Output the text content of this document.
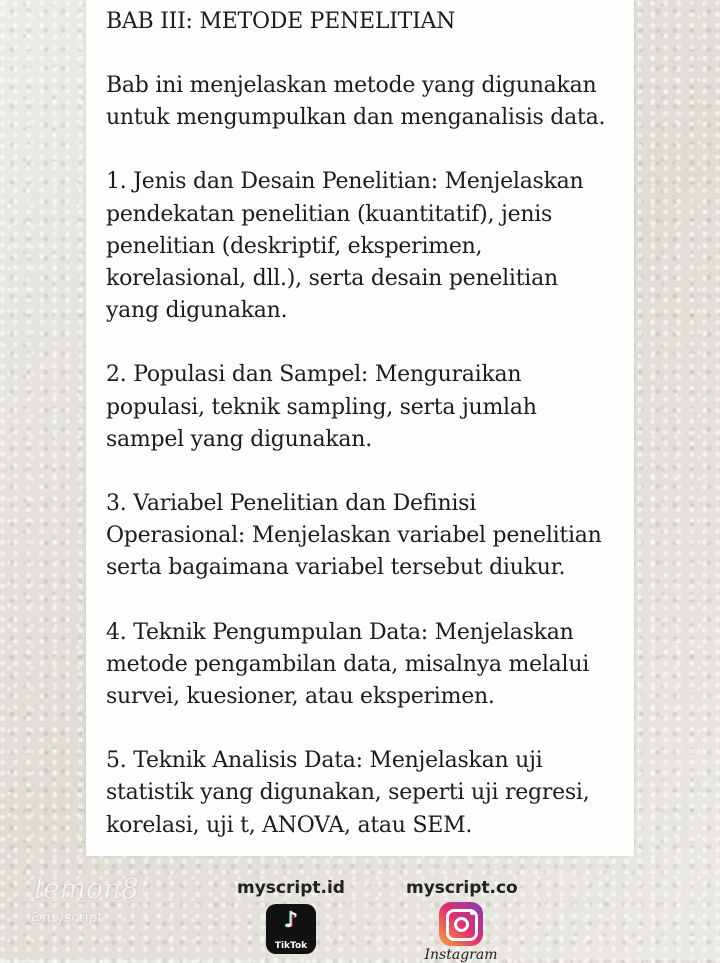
BAB III: METODE PENELITIAN

Bab ini menjelaskan metode yang digunakan
untuk mengumpulkan dan menganalisis data.

1. Jenis dan Desain Penelitian: Menjelaskan
pendekatan penelitian (kuantitatif), jenis
penelitian (deskriptif, eksperimen,
korelasional, dll.), serta desain penelitian
yang digunakan.

2. Populasi dan Sampel: Menguraikan
populasi, teknik sampling, serta jumlah
sampel yang digunakan.

3. Variabel Penelitian dan Definisi
Operasional: Menjelaskan variabel penelitian
serta bagaimana variabel tersebut diukur.

4. Teknik Pengumpulan Data: Menjelaskan
metode pengambilan data, misalnya melalui
survei, kuesioner, atau eksperimen.

5. Teknik Analisis Data: Menjelaskan uji
statistik yang digunakan, seperti uji regresi,
korelasi, uji t, ANOVA, atau SEM.

lemon8
@myscript
myscript.id
♪
TikTok
myscript.co
Instagram
